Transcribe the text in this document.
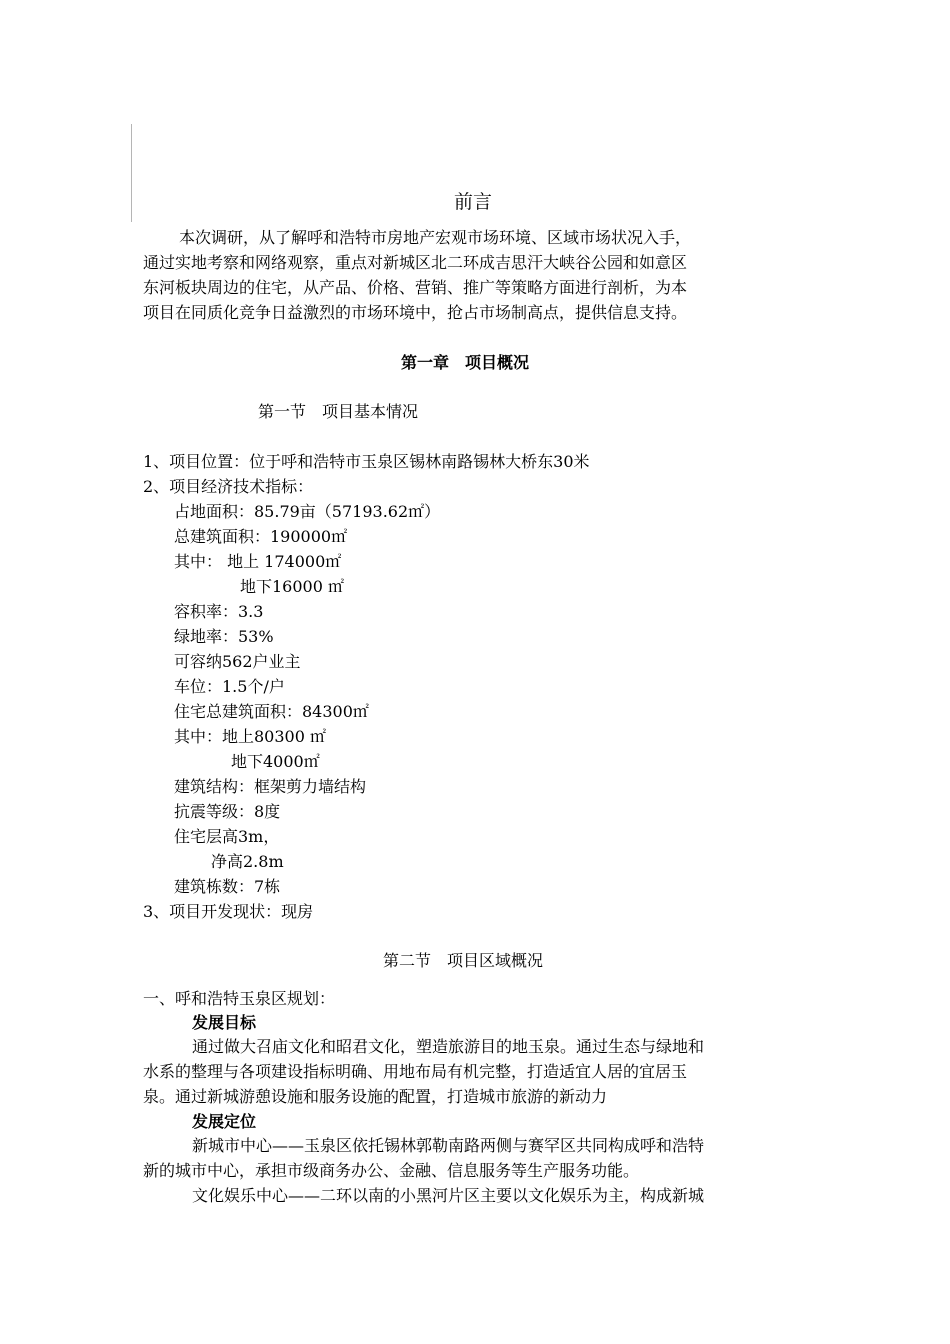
前言
本次调研，从了解呼和浩特市房地产宏观市场环境、区域市场状况入手，
通过实地考察和网络观察，重点对新城区北二环成吉思汗大峡谷公园和如意区
东河板块周边的住宅，从产品、价格、营销、推广等策略方面进行剖析，为本
项目在同质化竞争日益激烈的市场环境中，抢占市场制高点，提供信息支持。
第一章　项目概况
第一节　项目基本情况
1、项目位置：位于呼和浩特市玉泉区锡林南路锡林大桥东30米
2、项目经济技术指标：
占地面积：85.79亩（57193.62㎡）
总建筑面积：190000㎡
其中： 地上 174000㎡
地下16000 ㎡
容积率：3.3
绿地率：53%
可容纳562户业主
车位：1.5个/户
住宅总建筑面积：84300㎡
其中：地上80300 ㎡
地下4000㎡
建筑结构：框架剪力墙结构
抗震等级：8度
住宅层高3m，
净高2.8m
建筑栋数：7栋
3、项目开发现状：现房
第二节　项目区域概况
一、呼和浩特玉泉区规划：
发展目标
通过做大召庙文化和昭君文化，塑造旅游目的地玉泉。通过生态与绿地和
水系的整理与各项建设指标明确、用地布局有机完整，打造适宜人居的宜居玉
泉。通过新城游憩设施和服务设施的配置，打造城市旅游的新动力
发展定位
新城市中心——玉泉区依托锡林郭勒南路两侧与赛罕区共同构成呼和浩特
新的城市中心，承担市级商务办公、金融、信息服务等生产服务功能。
文化娱乐中心——二环以南的小黑河片区主要以文化娱乐为主，构成新城
